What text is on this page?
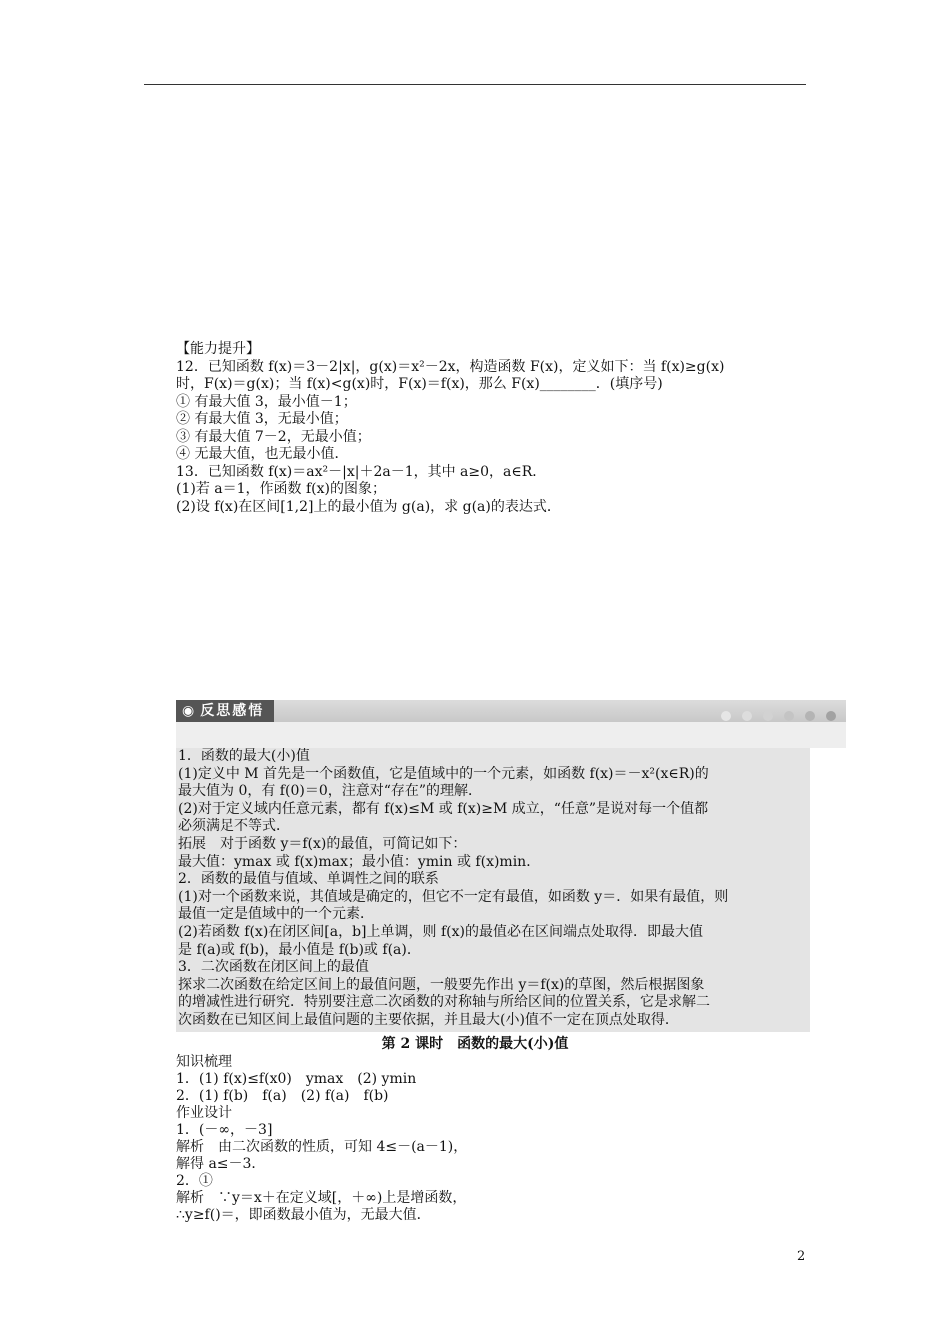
【能力提升】
12．已知函数 f(x)＝3－2|x|，g(x)＝x²－2x，构造函数 F(x)，定义如下：当 f(x)≥g(x)
时，F(x)＝g(x)；当 f(x)<g(x)时，F(x)＝f(x)，那么 F(x)________．(填序号)
① 有最大值 3，最小值－1；
② 有最大值 3，无最小值；
③ 有最大值 7－2，无最小值；
④ 无最大值，也无最小值．
13．已知函数 f(x)＝ax²－|x|＋2a－1，其中 a≥0，a∈R．
(1)若 a＝1，作函数 f(x)的图象；
(2)设 f(x)在区间[1,2]上的最小值为 g(a)，求 g(a)的表达式．
◉ 反思感悟

1．函数的最大(小)值
(1)定义中 M 首先是一个函数值，它是值域中的一个元素，如函数 f(x)＝－x²(x∈R)的
最大值为 0，有 f(0)＝0，注意对“存在”的理解．
(2)对于定义域内任意元素，都有 f(x)≤M 或 f(x)≥M 成立，“任意”是说对每一个值都
必须满足不等式．
拓展　对于函数 y＝f(x)的最值，可简记如下：
最大值：ymax 或 f(x)max；最小值：ymin 或 f(x)min．
2．函数的最值与值域、单调性之间的联系
(1)对一个函数来说，其值域是确定的，但它不一定有最值，如函数 y＝．如果有最值，则
最值一定是值域中的一个元素．
(2)若函数 f(x)在闭区间[a，b]上单调，则 f(x)的最值必在区间端点处取得．即最大值
是 f(a)或 f(b)，最小值是 f(b)或 f(a)．
3．二次函数在闭区间上的最值
探求二次函数在给定区间上的最值问题，一般要先作出 y＝f(x)的草图，然后根据图象
的增减性进行研究．特别要注意二次函数的对称轴与所给区间的位置关系，它是求解二
次函数在已知区间上最值问题的主要依据，并且最大(小)值不一定在顶点处取得．
第 2 课时　函数的最大(小)值
知识梳理
1．(1) f(x)≤f(x0)　ymax　(2) ymin
2．(1) f(b)　f(a)　(2) f(a)　f(b)
作业设计
1．(－∞，－3]
解析　由二次函数的性质，可知 4≤－(a－1)，
解得 a≤－3．
2．①
解析　∵y＝x＋在定义域[，＋∞)上是增函数，
∴y≥f()＝，即函数最小值为，无最大值．
2
